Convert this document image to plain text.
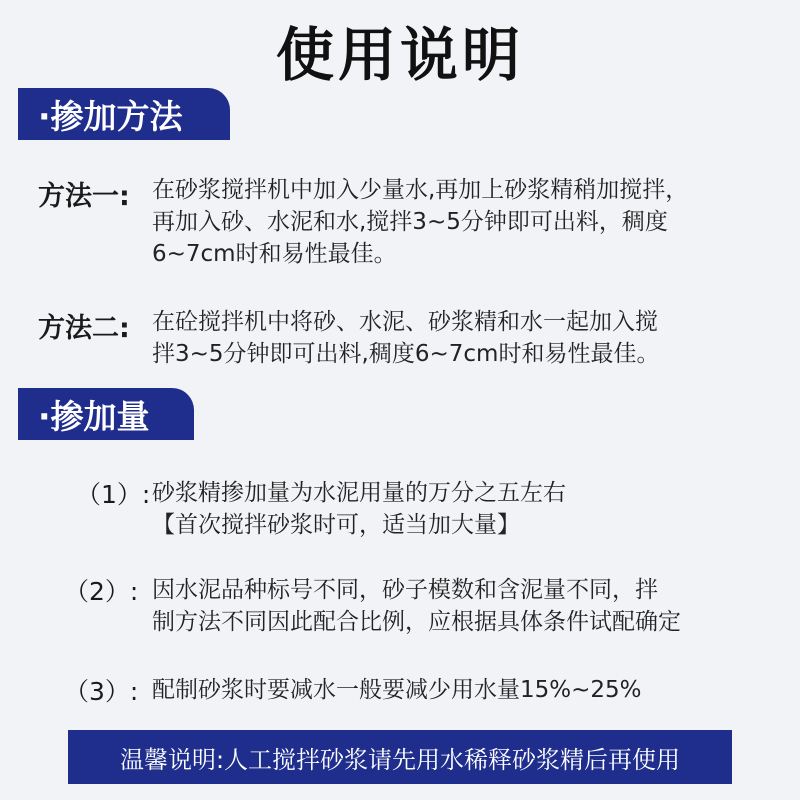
使用说明
·掺加方法
方法一: 在砂浆搅拌机中加入少量水,再加上砂浆精稍加搅拌，
再加入砂、水泥和水,搅拌3~5分钟即可出料，稠度
6~7cm时和易性最佳。
方法二: 在砼搅拌机中将砂、水泥、砂浆精和水一起加入搅
拌3~5分钟即可出料,稠度6~7cm时和易性最佳。
·掺加量
（1）: 砂浆精掺加量为水泥用量的万分之五左右
【首次搅拌砂浆时可，适当加大量】
（2）: 因水泥品种标号不同，砂子模数和含泥量不同，拌
制方法不同因此配合比例，应根据具体条件试配确定
（3）: 配制砂浆时要减水一般要减少用水量15%~25%
温馨说明:人工搅拌砂浆请先用水稀释砂浆精后再使用
